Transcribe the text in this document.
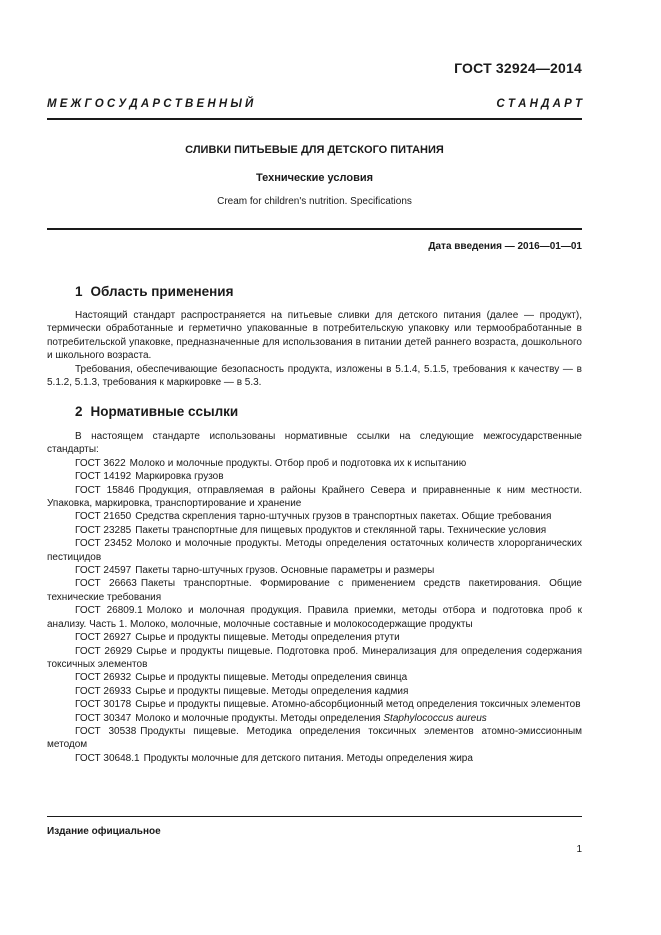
ГОСТ 32924—2014
М Е Ж Г О С У Д А Р С Т В Е Н Н Ы Й	С Т А Н Д А Р Т
СЛИВКИ ПИТЬЕВЫЕ ДЛЯ ДЕТСКОГО ПИТАНИЯ
Технические условия
Cream for children's nutrition. Specifications
Дата введения — 2016—01—01
1 Область применения

Настоящий стандарт распространяется на питьевые сливки для детского питания (далее — продукт), термически обработанные и герметично упакованные в потребительскую упаковку или термообработанные в потребительской упаковке, предназначенные для использования в питании детей раннего возраста, дошкольного и школьного возраста.

Требования, обеспечивающие безопасность продукта, изложены в 5.1.4, 5.1.5, требования к качеству — в 5.1.2, 5.1.3, требования к маркировке — в 5.3.

2 Нормативные ссылки

В настоящем стандарте использованы нормативные ссылки на следующие межгосударственные стандарты:

ГОСТ 3622 Молоко и молочные продукты. Отбор проб и подготовка их к испытанию

ГОСТ 14192 Маркировка грузов

ГОСТ 15846 Продукция, отправляемая в районы Крайнего Севера и приравненные к ним местности. Упаковка, маркировка, транспортирование и хранение

ГОСТ 21650 Средства скрепления тарно-штучных грузов в транспортных пакетах. Общие требования

ГОСТ 23285 Пакеты транспортные для пищевых продуктов и стеклянной тары. Технические условия

ГОСТ 23452 Молоко и молочные продукты. Методы определения остаточных количеств хлорорганических пестицидов

ГОСТ 24597 Пакеты тарно-штучных грузов. Основные параметры и размеры

ГОСТ 26663 Пакеты транспортные. Формирование с применением средств пакетирования. Общие технические требования

ГОСТ 26809.1 Молоко и молочная продукция. Правила приемки, методы отбора и подготовка проб к анализу. Часть 1. Молоко, молочные, молочные составные и молокосодержащие продукты

ГОСТ 26927 Сырье и продукты пищевые. Методы определения ртути

ГОСТ 26929 Сырье и продукты пищевые. Подготовка проб. Минерализация для определения содержания токсичных элементов

ГОСТ 26932 Сырье и продукты пищевые. Методы определения свинца

ГОСТ 26933 Сырье и продукты пищевые. Методы определения кадмия

ГОСТ 30178 Сырье и продукты пищевые. Атомно-абсорбционный метод определения токсичных элементов

ГОСТ 30347 Молоко и молочные продукты. Методы определения Staphylococcus aureus

ГОСТ 30538 Продукты пищевые. Методика определения токсичных элементов атомно-эмиссионным методом

ГОСТ 30648.1 Продукты молочные для детского питания. Методы определения жира

Издание официальное
1
